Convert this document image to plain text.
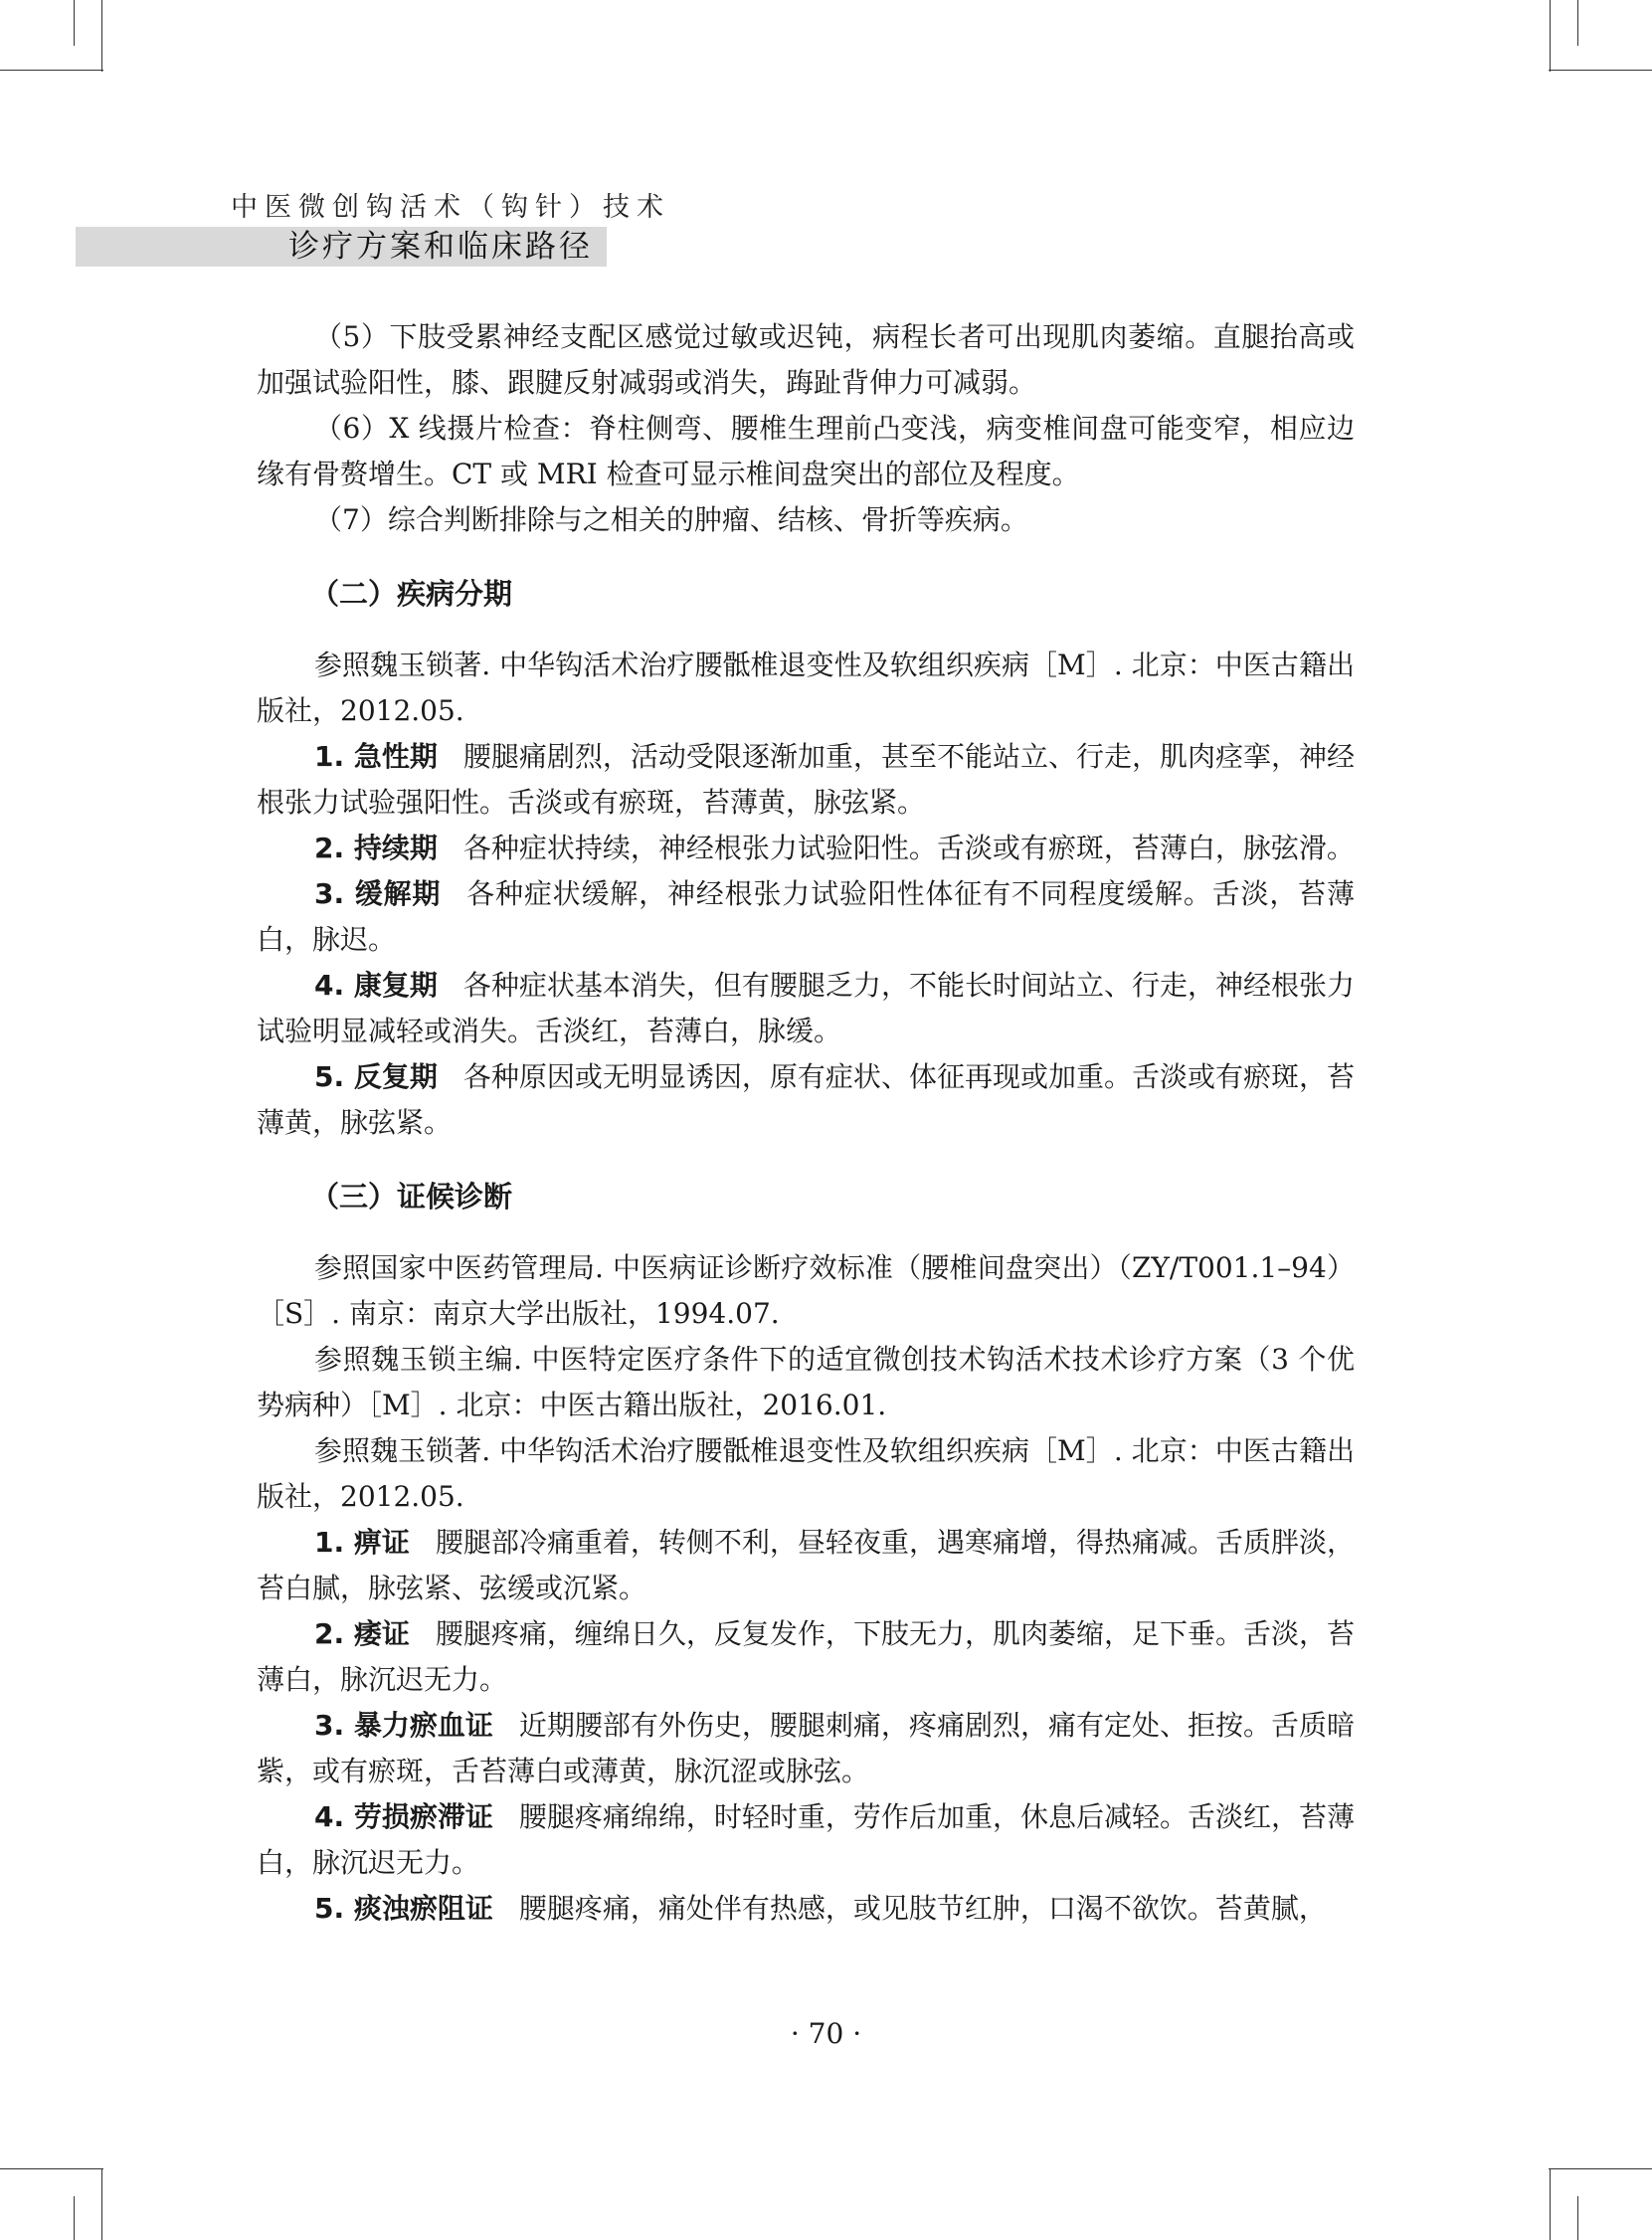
中医微创钩活术（钩针）技术
诊疗方案和临床路径

（5）下肢受累神经支配区感觉过敏或迟钝，病程长者可出现肌肉萎缩。直腿抬高或加强试验阳性，膝、跟腱反射减弱或消失，踇趾背伸力可减弱。

（6）X 线摄片检查：脊柱侧弯、腰椎生理前凸变浅，病变椎间盘可能变窄，相应边缘有骨赘增生。CT 或 MRI 检查可显示椎间盘突出的部位及程度。

（7）综合判断排除与之相关的肿瘤、结核、骨折等疾病。

（二）疾病分期

参照魏玉锁著. 中华钩活术治疗腰骶椎退变性及软组织疾病［M］. 北京：中医古籍出版社，2012.05.

1. 急性期 腰腿痛剧烈，活动受限逐渐加重，甚至不能站立、行走，肌肉痉挛，神经根张力试验强阳性。舌淡或有瘀斑，苔薄黄，脉弦紧。

2. 持续期 各种症状持续，神经根张力试验阳性。舌淡或有瘀斑，苔薄白，脉弦滑。

3. 缓解期 各种症状缓解，神经根张力试验阳性体征有不同程度缓解。舌淡，苔薄白，脉迟。

4. 康复期 各种症状基本消失，但有腰腿乏力，不能长时间站立、行走，神经根张力试验明显减轻或消失。舌淡红，苔薄白，脉缓。

5. 反复期 各种原因或无明显诱因，原有症状、体征再现或加重。舌淡或有瘀斑，苔薄黄，脉弦紧。

（三）证候诊断

参照国家中医药管理局. 中医病证诊断疗效标准（腰椎间盘突出）（ZY/T001.1–94）［S］. 南京：南京大学出版社，1994.07.

参照魏玉锁主编. 中医特定医疗条件下的适宜微创技术钩活术技术诊疗方案（3 个优势病种）［M］. 北京：中医古籍出版社，2016.01.

参照魏玉锁著. 中华钩活术治疗腰骶椎退变性及软组织疾病［M］. 北京：中医古籍出版社，2012.05.

1. 痹证 腰腿部冷痛重着，转侧不利，昼轻夜重，遇寒痛增，得热痛减。舌质胖淡，苔白腻，脉弦紧、弦缓或沉紧。

2. 痿证 腰腿疼痛，缠绵日久，反复发作，下肢无力，肌肉萎缩，足下垂。舌淡，苔薄白，脉沉迟无力。

3. 暴力瘀血证 近期腰部有外伤史，腰腿刺痛，疼痛剧烈，痛有定处、拒按。舌质暗紫，或有瘀斑，舌苔薄白或薄黄，脉沉涩或脉弦。

4. 劳损瘀滞证 腰腿疼痛绵绵，时轻时重，劳作后加重，休息后减轻。舌淡红，苔薄白，脉沉迟无力。

5. 痰浊瘀阻证 腰腿疼痛，痛处伴有热感，或见肢节红肿，口渴不欲饮。苔黄腻，

· 70 ·
